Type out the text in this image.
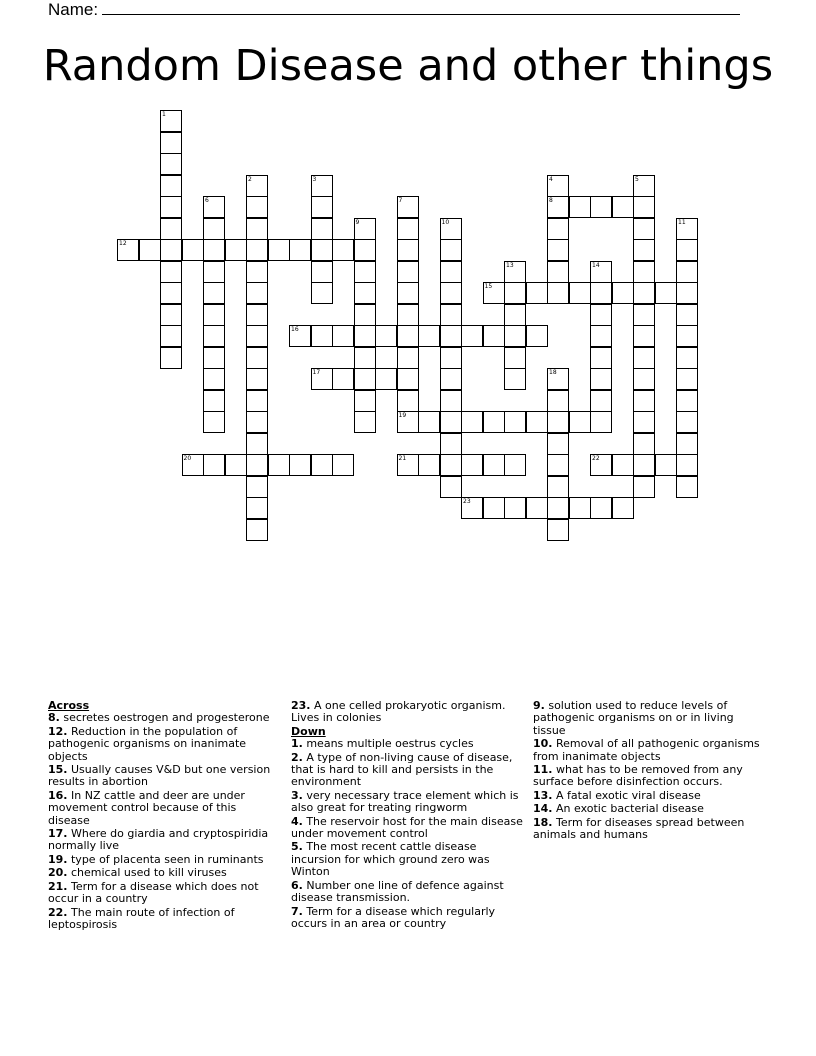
Name:
Random Disease and other things
1
2	3	4
8
5
6	7
9	10	11
12
13	14
15
16
17	18
19
20	21	22
23
Across
8. secretes oestrogen and progesterone
12. Reduction in the population of pathogenic organisms on inanimate objects
15. Usually causes V&D but one version results in abortion
16. In NZ cattle and deer are under movement control because of this disease
17. Where do giardia and cryptospiridia normally live
19. type of placenta seen in ruminants
20. chemical used to kill viruses
21. Term for a disease which does not occur in a country
22. The main route of infection of leptospirosis
23. A one celled prokaryotic organism. Lives in colonies
Down
1. means multiple oestrus cycles
2. A type of non-living cause of disease, that is hard to kill and persists in the environment
3. very necessary trace element which is also great for treating ringworm
4. The reservoir host for the main disease under movement control
5. The most recent cattle disease incursion for which ground zero was Winton
6. Number one line of defence against disease transmission.
7. Term for a disease which regularly occurs in an area or country
9. solution used to reduce levels of pathogenic organisms on or in living tissue
10. Removal of all pathogenic organisms from inanimate objects
11. what has to be removed from any surface before disinfection occurs.
13. A fatal exotic viral disease
14. An exotic bacterial disease
18. Term for diseases spread between animals and humans
